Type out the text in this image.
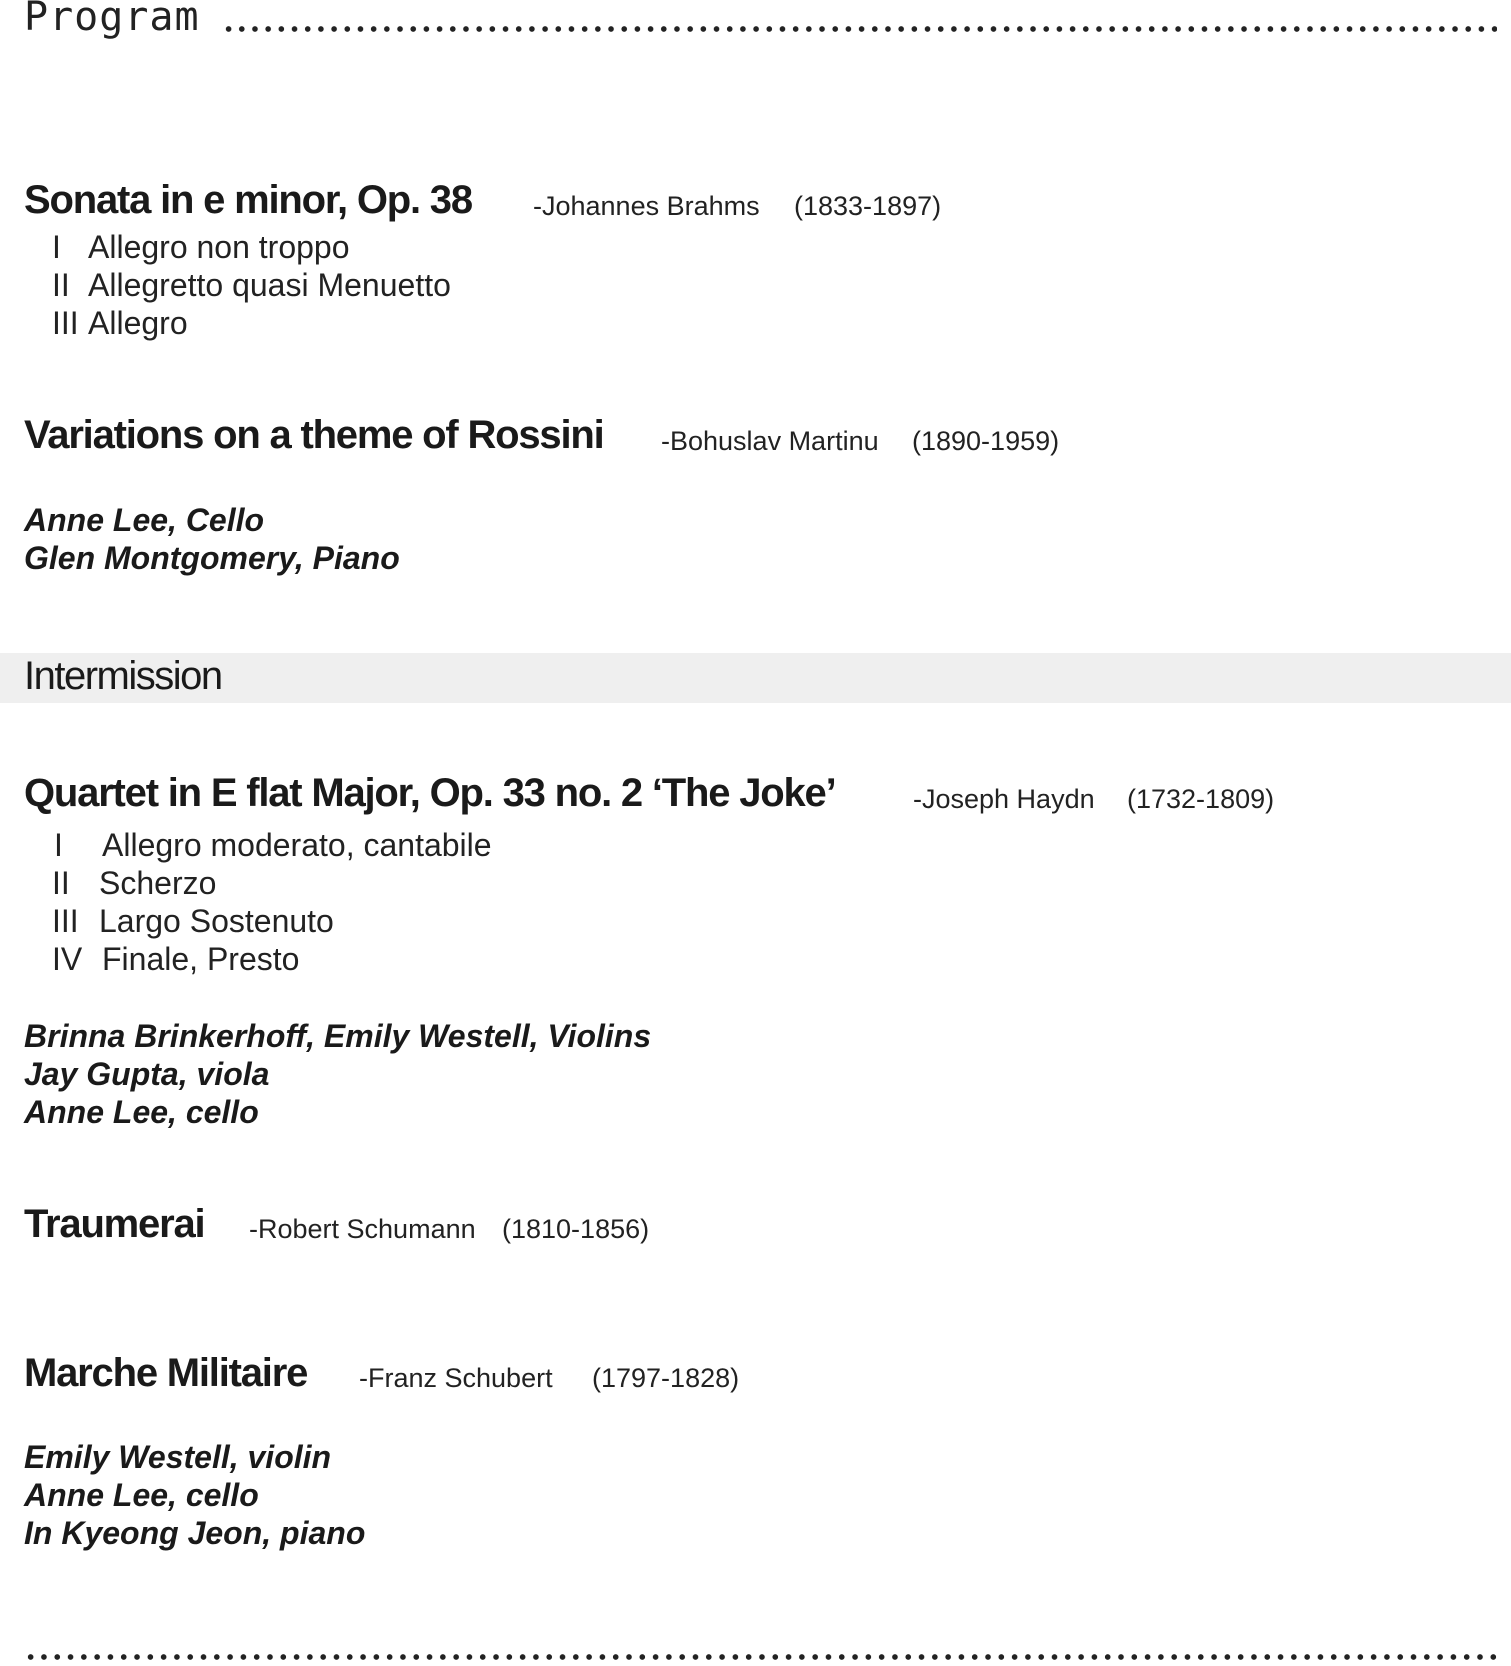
Program
Sonata in e minor, Op. 38 -Johannes Brahms (1833-1897)
I Allegro non troppo
II Allegretto quasi Menuetto
III Allegro
Variations on a theme of Rossini -Bohuslav Martinu (1890-1959)
Anne Lee, Cello
Glen Montgomery, Piano
Intermission
Quartet in E flat Major, Op. 33 no. 2 ‘The Joke’	-Joseph Haydn (1732-1809)
I Allegro moderato, cantabile
II Scherzo
III Largo Sostenuto
IV Finale, Presto
Brinna Brinkerhoff, Emily Westell, Violins
Jay Gupta, viola
Anne Lee, cello
Traumerai -Robert Schumann (1810-1856)
Marche Militaire -Franz Schubert (1797-1828)
Emily Westell, violin
Anne Lee, cello
In Kyeong Jeon, piano
